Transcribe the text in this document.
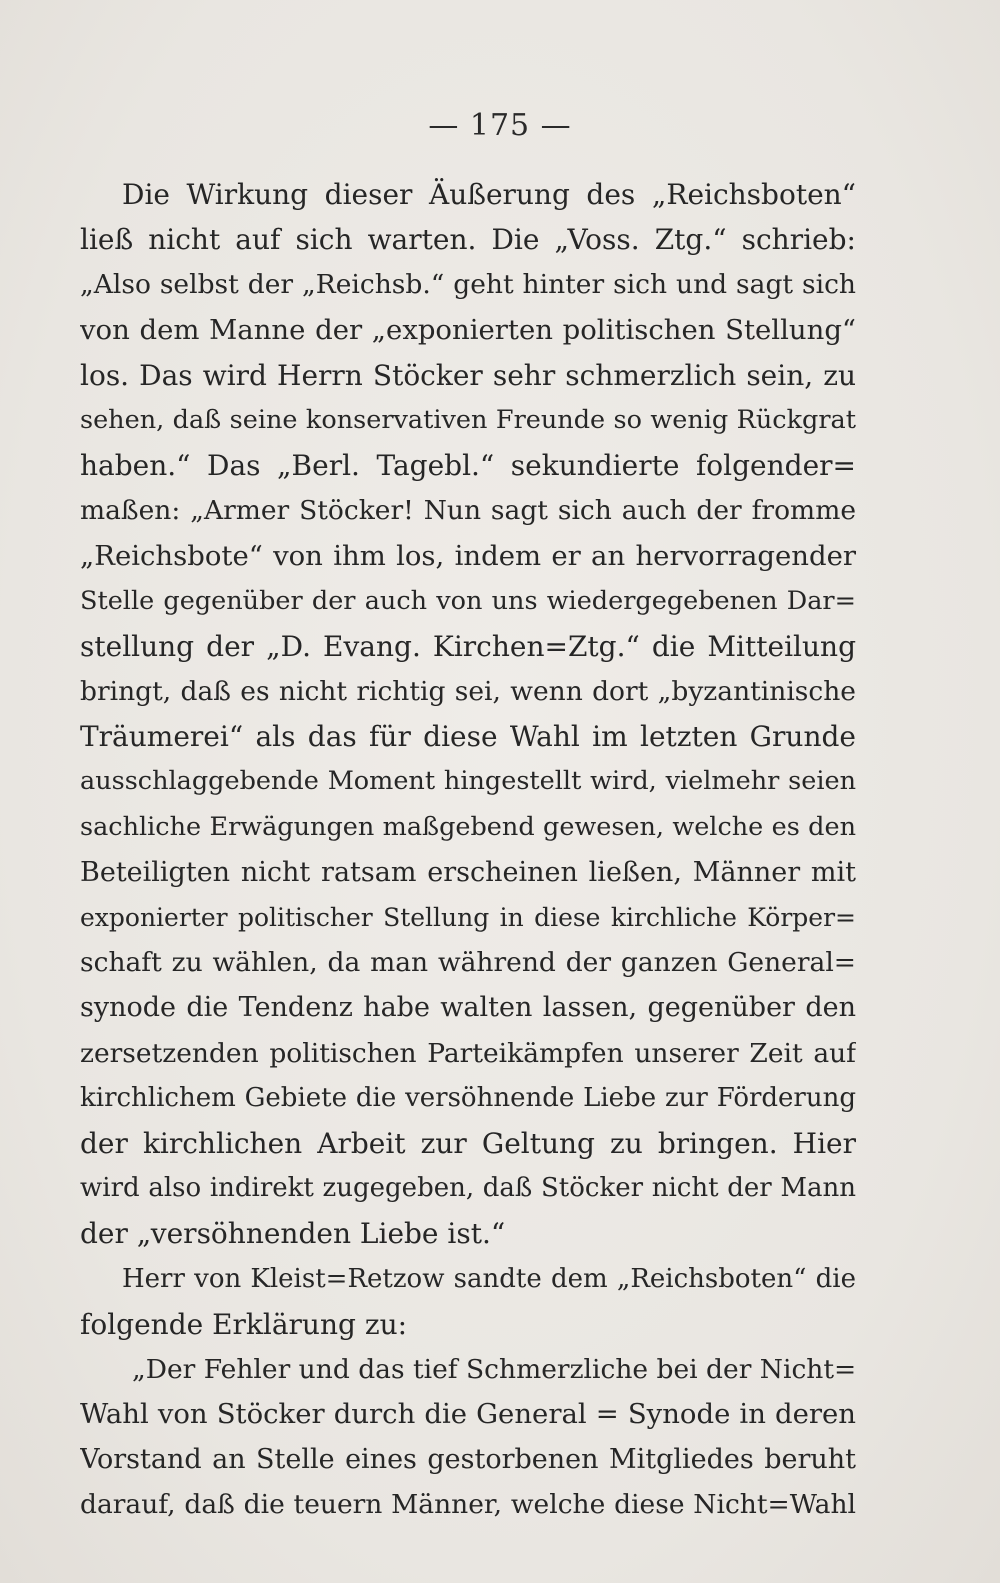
— 175 —
Die Wirkung dieser Äußerung des „Reichsboten“
ließ nicht auf sich warten. Die „Voss. Ztg.“ schrieb:
„Also selbst der „Reichsb.“ geht hinter sich und sagt sich
von dem Manne der „exponierten politischen Stellung“
los. Das wird Herrn Stöcker sehr schmerzlich sein, zu
sehen, daß seine konservativen Freunde so wenig Rückgrat
haben.“ Das „Berl. Tagebl.“ sekundierte folgender=
maßen: „Armer Stöcker! Nun sagt sich auch der fromme
„Reichsbote“ von ihm los, indem er an hervorragender
Stelle gegenüber der auch von uns wiedergegebenen Dar=
stellung der „D. Evang. Kirchen=Ztg.“ die Mitteilung
bringt, daß es nicht richtig sei, wenn dort „byzantinische
Träumerei“ als das für diese Wahl im letzten Grunde
ausschlaggebende Moment hingestellt wird, vielmehr seien
sachliche Erwägungen maßgebend gewesen, welche es den
Beteiligten nicht ratsam erscheinen ließen, Männer mit
exponierter politischer Stellung in diese kirchliche Körper=
schaft zu wählen, da man während der ganzen General=
synode die Tendenz habe walten lassen, gegenüber den
zersetzenden politischen Parteikämpfen unserer Zeit auf
kirchlichem Gebiete die versöhnende Liebe zur Förderung
der kirchlichen Arbeit zur Geltung zu bringen. Hier
wird also indirekt zugegeben, daß Stöcker nicht der Mann
der „versöhnenden Liebe ist.“
Herr von Kleist=Retzow sandte dem „Reichsboten“ die
folgende Erklärung zu:
„Der Fehler und das tief Schmerzliche bei der Nicht=
Wahl von Stöcker durch die General = Synode in deren
Vorstand an Stelle eines gestorbenen Mitgliedes beruht
darauf, daß die teuern Männer, welche diese Nicht=Wahl
